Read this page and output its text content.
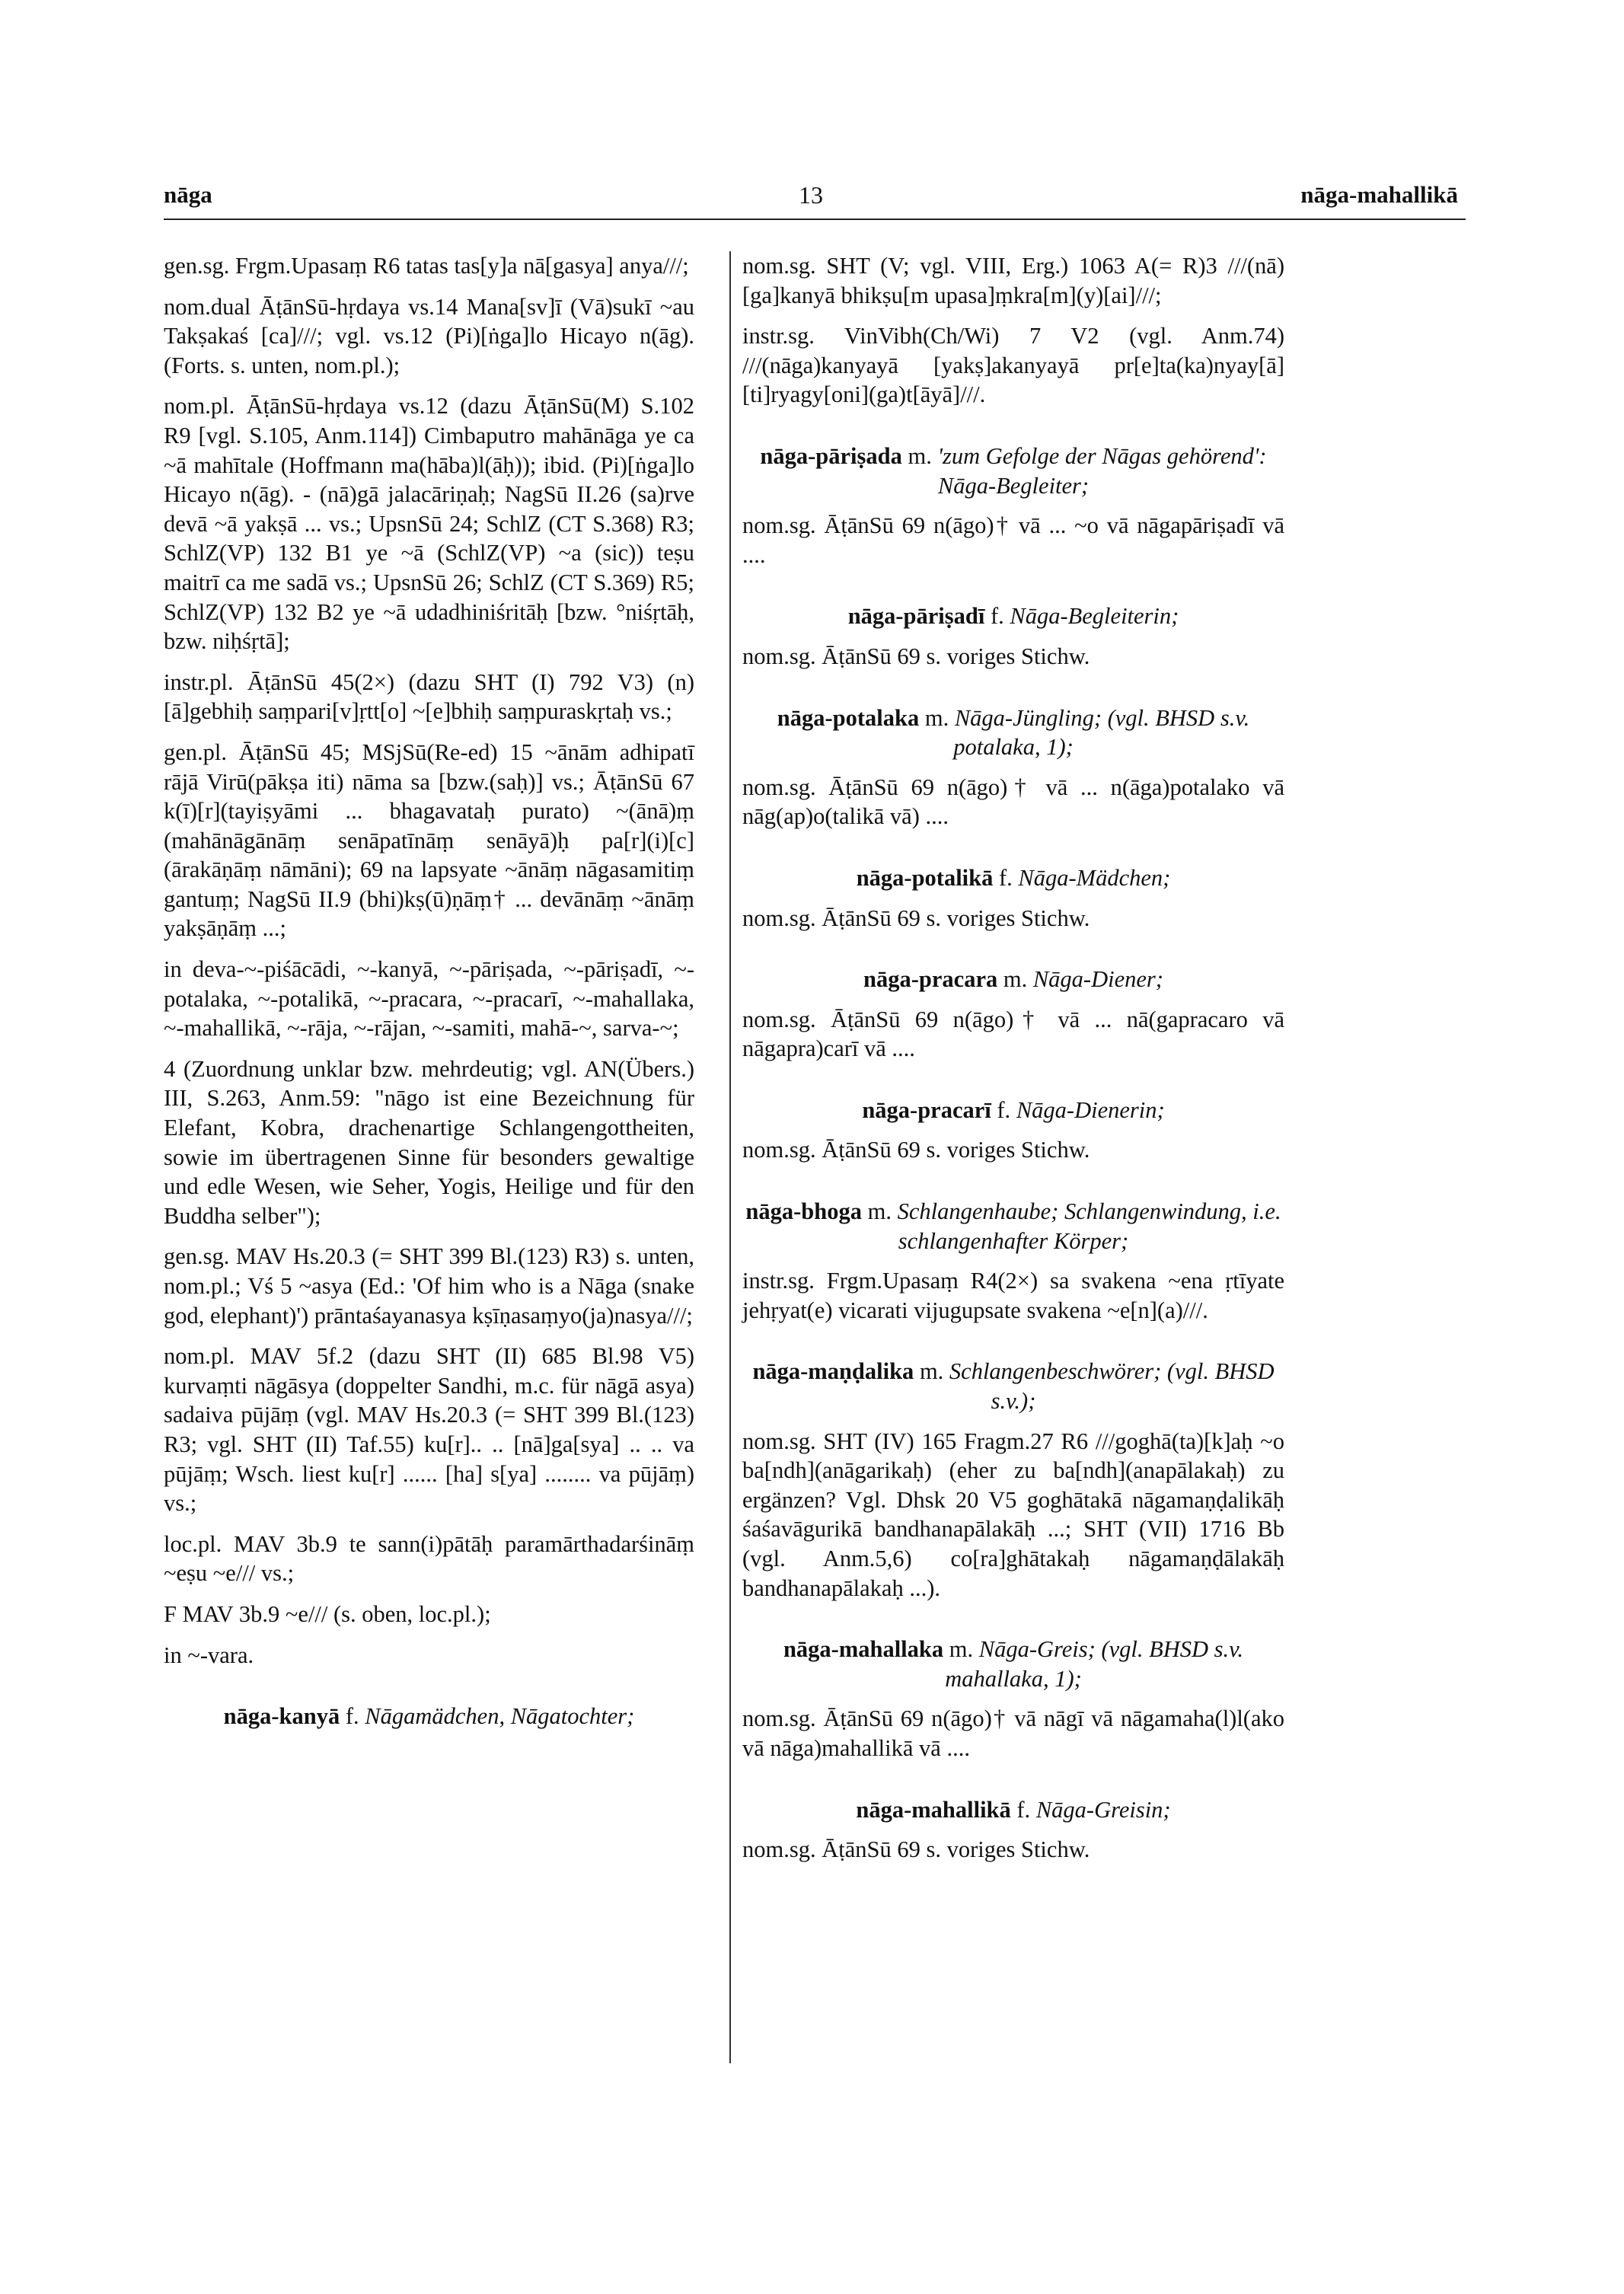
nāga	13	nāga-mahallikā

gen.sg. Frgm.Upasaṃ R6 tatas tas[y]a nā[gasya] anya///;

nom.dual ĀṭānSū-hṛdaya vs.14 Mana[sv]ī (Vā)sukī ~au Takṣakaś [ca]///; vgl. vs.12 (Pi)[ṅga]lo Hicayo n(āg). (Forts. s. unten, nom.pl.);

nom.pl. ĀṭānSū-hṛdaya vs.12 (dazu ĀṭānSū(M) S.102 R9 [vgl. S.105, Anm.114]) Cimbaputro mahānāga ye ca ~ā mahītale (Hoffmann ma(hāba)l(āḥ)); ibid. (Pi)[ṅga]lo Hicayo n(āg). - (nā)gā jalacāriṇaḥ; NagSū II.26 (sa)rve devā ~ā yakṣā ... vs.; UpsnSū 24; SchlZ (CT S.368) R3; SchlZ(VP) 132 B1 ye ~ā (SchlZ(VP) ~a (sic)) teṣu maitrī ca me sadā vs.; UpsnSū 26; SchlZ (CT S.369) R5; SchlZ(VP) 132 B2 ye ~ā udadhiniśritāḥ [bzw. °niśṛtāḥ, bzw. niḥśṛtā];

instr.pl. ĀṭānSū 45(2×) (dazu SHT (I) 792 V3) (n)[ā]gebhiḥ saṃpari[v]ṛtt[o] ~[e]bhiḥ saṃpuraskṛtaḥ vs.;

gen.pl. ĀṭānSū 45; MSjSū(Re-ed) 15 ~ānām adhipatī rājā Virū(pākṣa iti) nāma sa [bzw.(saḥ)] vs.; ĀṭānSū 67 k(ī)[r](tayiṣyāmi ... bhagavataḥ purato) ~(ānā)ṃ (mahānāgānāṃ senāpatīnāṃ senāyā)ḥ pa[r](i)[c](ārakāṇāṃ nāmāni); 69 na lapsyate ~ānāṃ nāgasamitiṃ gantuṃ; NagSū II.9 (bhi)kṣ(ū)ṇāṃ† ... devānāṃ ~ānāṃ yakṣāṇāṃ ...;

in deva-~-piśācādi, ~-kanyā, ~-pāriṣada, ~-pāriṣadī, ~-potalaka, ~-potalikā, ~-pracara, ~-pracarī, ~-mahallaka, ~-mahallikā, ~-rāja, ~-rājan, ~-samiti, mahā-~, sarva-~;

4 (Zuordnung unklar bzw. mehrdeutig; vgl. AN(Übers.) III, S.263, Anm.59: "nāgo ist eine Bezeichnung für Elefant, Kobra, drachenartige Schlangengottheiten, sowie im übertragenen Sinne für besonders gewaltige und edle Wesen, wie Seher, Yogis, Heilige und für den Buddha selber");

gen.sg. MAV Hs.20.3 (= SHT 399 Bl.(123) R3) s. unten, nom.pl.; Vś 5 ~asya (Ed.: 'Of him who is a Nāga (snake god, elephant)') prāntaśayanasya kṣīṇasaṃyo(ja)nasya///;

nom.pl. MAV 5f.2 (dazu SHT (II) 685 Bl.98 V5) kurvaṃti nāgāsya (doppelter Sandhi, m.c. für nāgā asya) sadaiva pūjāṃ (vgl. MAV Hs.20.3 (= SHT 399 Bl.(123) R3; vgl. SHT (II) Taf.55) ku[r].. .. [nā]ga[sya] .. .. va pūjāṃ; Wsch. liest ku[r] ...... [ha] s[ya] ........ va pūjāṃ) vs.;

loc.pl. MAV 3b.9 te sann(i)pātāḥ paramārthadarśināṃ ~eṣu ~e/// vs.;

F MAV 3b.9 ~e/// (s. oben, loc.pl.);

in ~-vara.

nāga-kanyā f. Nāgamädchen, Nāgatochter;

nom.sg. SHT (V; vgl. VIII, Erg.) 1063 A(= R)3 ///(nā)[ga]kanyā bhikṣu[m upasa]ṃkra[m](y)[ai]///;

instr.sg. VinVibh(Ch/Wi) 7 V2 (vgl. Anm.74) ///(nāga)kanyayā [yakṣ]akanyayā pr[e]ta(ka)nyay[ā] [ti]ryagy[oni](ga)t[āyā]///.

nāga-pāriṣada m. 'zum Gefolge der Nāgas gehörend': Nāga-Begleiter;

nom.sg. ĀṭānSū 69 n(āgo)† vā ... ~o vā nāgapāriṣadī vā ....

nāga-pāriṣadī f. Nāga-Begleiterin;

nom.sg. ĀṭānSū 69 s. voriges Stichw.

nāga-potalaka m. Nāga-Jüngling; (vgl. BHSD s.v. potalaka, 1);

nom.sg. ĀṭānSū 69 n(āgo)† vā ... n(āga)potalako vā nāg(ap)o(talikā vā) ....

nāga-potalikā f. Nāga-Mädchen;

nom.sg. ĀṭānSū 69 s. voriges Stichw.

nāga-pracara m. Nāga-Diener;

nom.sg. ĀṭānSū 69 n(āgo)† vā ... nā(gapracaro vā nāgapra)carī vā ....

nāga-pracarī f. Nāga-Dienerin;

nom.sg. ĀṭānSū 69 s. voriges Stichw.

nāga-bhoga m. Schlangenhaube; Schlangenwindung, i.e. schlangenhafter Körper;

instr.sg. Frgm.Upasaṃ R4(2×) sa svakena ~ena ṛtīyate jehṛyat(e) vicarati vijugupsate svakena ~e[n](a)///.

nāga-maṇḍalika m. Schlangenbeschwörer; (vgl. BHSD s.v.);

nom.sg. SHT (IV) 165 Fragm.27 R6 ///goghā(ta)[k]aḥ ~o ba[ndh](anāgarikaḥ) (eher zu ba[ndh](anapālakaḥ) zu ergänzen? Vgl. Dhsk 20 V5 goghātakā nāgamaṇḍalikāḥ śaśavāgurikā bandhanapālakāḥ ...; SHT (VII) 1716 Bb (vgl. Anm.5,6) co[ra]ghātakaḥ nāgamaṇḍālakāḥ bandhanapālakaḥ ...).

nāga-mahallaka m. Nāga-Greis; (vgl. BHSD s.v. mahallaka, 1);

nom.sg. ĀṭānSū 69 n(āgo)† vā nāgī vā nāgamaha(l)l(ako vā nāga)mahallikā vā ....

nāga-mahallikā f. Nāga-Greisin;

nom.sg. ĀṭānSū 69 s. voriges Stichw.
